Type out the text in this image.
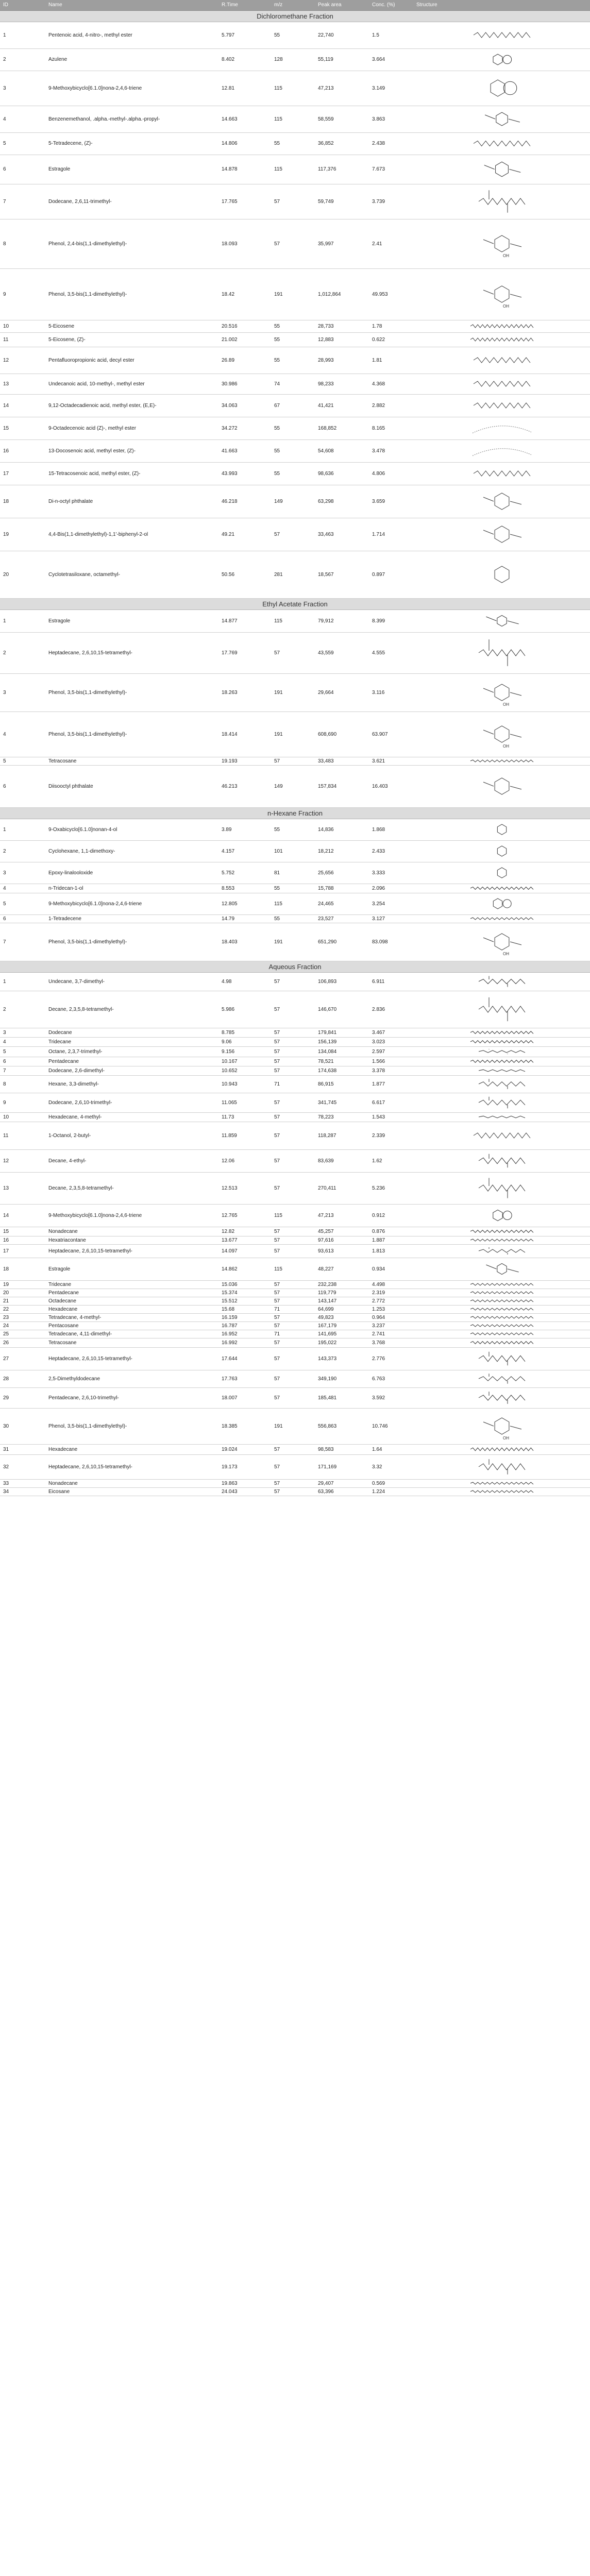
ID	Name	R.Time	m/z	Peak area	Conc. (%)	Structure
Dichloromethane Fraction						
1	Pentenoic acid, 4-nitro-, methyl ester	5.797	55	22,740	1.5	

2	Azulene	8.402	128	55,119	3.664	

3	9-Methoxybicyclo[6.1.0]nona-2,4,6-triene	12.81	115	47,213	3.149	

4	Benzenemethanol, .alpha.-methyl-.alpha.-propyl-	14.663	115	58,559	3.863	

5	5-Tetradecene, (Z)-	14.806	55	36,852	2.438	

6	Estragole	14.878	115	117,376	7.673	

7	Dodecane, 2,6,11-trimethyl-	17.765	57	59,749	3.739	

8	Phenol, 2,4-bis(1,1-dimethylethyl)-	18.093	57	35,997	2.41	OH

9	Phenol, 3,5-bis(1,1-dimethylethyl)-	18.42	191	1,012,864	49.953	OH

10	5-Eicosene	20.516	55	28,733	1.78	

11	5-Eicosene, (Z)-	21.002	55	12,883	0.622	

12	Pentafluoropropionic acid, decyl ester	26.89	55	28,993	1.81	

13	Undecanoic acid, 10-methyl-, methyl ester	30.986	74	98,233	4.368	

14	9,12-Octadecadienoic acid, methyl ester, (E,E)-	34.063	67	41,421	2.882	

15	9-Octadecenoic acid (Z)-, methyl ester	34.272	55	168,852	8.165	

16	13-Docosenoic acid, methyl ester, (Z)-	41.663	55	54,608	3.478	

17	15-Tetracosenoic acid, methyl ester, (Z)-	43.993	55	98,636	4.806	

18	Di-n-octyl phthalate	46.218	149	63,298	3.659	

19	4,4-Bis(1,1-dimethylethyl)-1,1'-biphenyl-2-ol	49.21	57	33,463	1.714	

20	Cyclotetrasiloxane, octamethyl-	50.56	281	18,567	0.897	

Ethyl Acetate Fraction						
1	Estragole	14.877	115	79,912	8.399	

2	Heptadecane, 2,6,10,15-tetramethyl-	17.769	57	43,559	4.555	

3	Phenol, 3,5-bis(1,1-dimethylethyl)-	18.263	191	29,664	3.116	OH

4	Phenol, 3,5-bis(1,1-dimethylethyl)-	18.414	191	608,690	63.907	OH

5	Tetracosane	19.193	57	33,483	3.621	

6	Diisooctyl phthalate	46.213	149	157,834	16.403	

n-Hexane Fraction						
1	9-Oxabicyclo[6.1.0]nonan-4-ol	3.89	55	14,836	1.868	

2	Cyclohexane, 1,1-dimethoxy-	4.157	101	18,212	2.433	

3	Epoxy-linalooloxide	5.752	81	25,656	3.333	

4	n-Tridecan-1-ol	8.553	55	15,788	2.096	

5	9-Methoxybicyclo[6.1.0]nona-2,4,6-triene	12.805	115	24,465	3.254	

6	1-Tetradecene	14.79	55	23,527	3.127	

7	Phenol, 3,5-bis(1,1-dimethylethyl)-	18.403	191	651,290	83.098	OH

Aqueous Fraction						
1	Undecane, 3,7-dimethyl-	4.98	57	106,893	6.911	

2	Decane, 2,3,5,8-tetramethyl-	5.986	57	146,670	2.836	

3	Dodecane	8.785	57	179,841	3.467	

4	Tridecane	9.06	57	156,139	3.023	

5	Octane, 2,3,7-trimethyl-	9.156	57	134,084	2.597	

6	Pentadecane	10.167	57	78,521	1.566	

7	Dodecane, 2,6-dimethyl-	10.652	57	174,638	3.378	

8	Hexane, 3,3-dimethyl-	10.943	71	86,915	1.877	

9	Dodecane, 2,6,10-trimethyl-	11.065	57	341,745	6.617	

10	Hexadecane, 4-methyl-	11.73	57	78,223	1.543	

11	1-Octanol, 2-butyl-	11.859	57	118,287	2.339	

12	Decane, 4-ethyl-	12.06	57	83,639	1.62	

13	Decane, 2,3,5,8-tetramethyl-	12.513	57	270,411	5.236	

14	9-Methoxybicyclo[6.1.0]nona-2,4,6-triene	12.765	115	47,213	0.912	

15	Nonadecane	12.82	57	45,257	0.876	

16	Hexatriacontane	13.677	57	97,616	1.887	

17	Heptadecane, 2,6,10,15-tetramethyl-	14.097	57	93,613	1.813	

18	Estragole	14.862	115	48,227	0.934	

19	Tridecane	15.036	57	232,238	4.498	

20	Pentadecane	15.374	57	119,779	2.319	

21	Octadecane	15.512	57	143,147	2.772	

22	Hexadecane	15.68	71	64,699	1.253	

23	Tetradecane, 4-methyl-	16.159	57	49,823	0.964	

24	Pentacosane	16.787	57	167,179	3.237	

25	Tetradecane, 4,11-dimethyl-	16.952	71	141,695	2.741	

26	Tetracosane	16.992	57	195,022	3.768	

27	Heptadecane, 2,6,10,15-tetramethyl-	17.644	57	143,373	2.776	

28	2,5-Dimethyldodecane	17.763	57	349,190	6.763	

29	Pentadecane, 2,6,10-trimethyl-	18.007	57	185,481	3.592	

30	Phenol, 3,5-bis(1,1-dimethylethyl)-	18.385	191	556,863	10.746	OH

31	Hexadecane	19.024	57	98,583	1.64	

32	Heptadecane, 2,6,10,15-tetramethyl-	19.173	57	171,169	3.32	

33	Nonadecane	19.863	57	29,407	0.569	

34	Eicosane	24.043	57	63,396	1.224	
